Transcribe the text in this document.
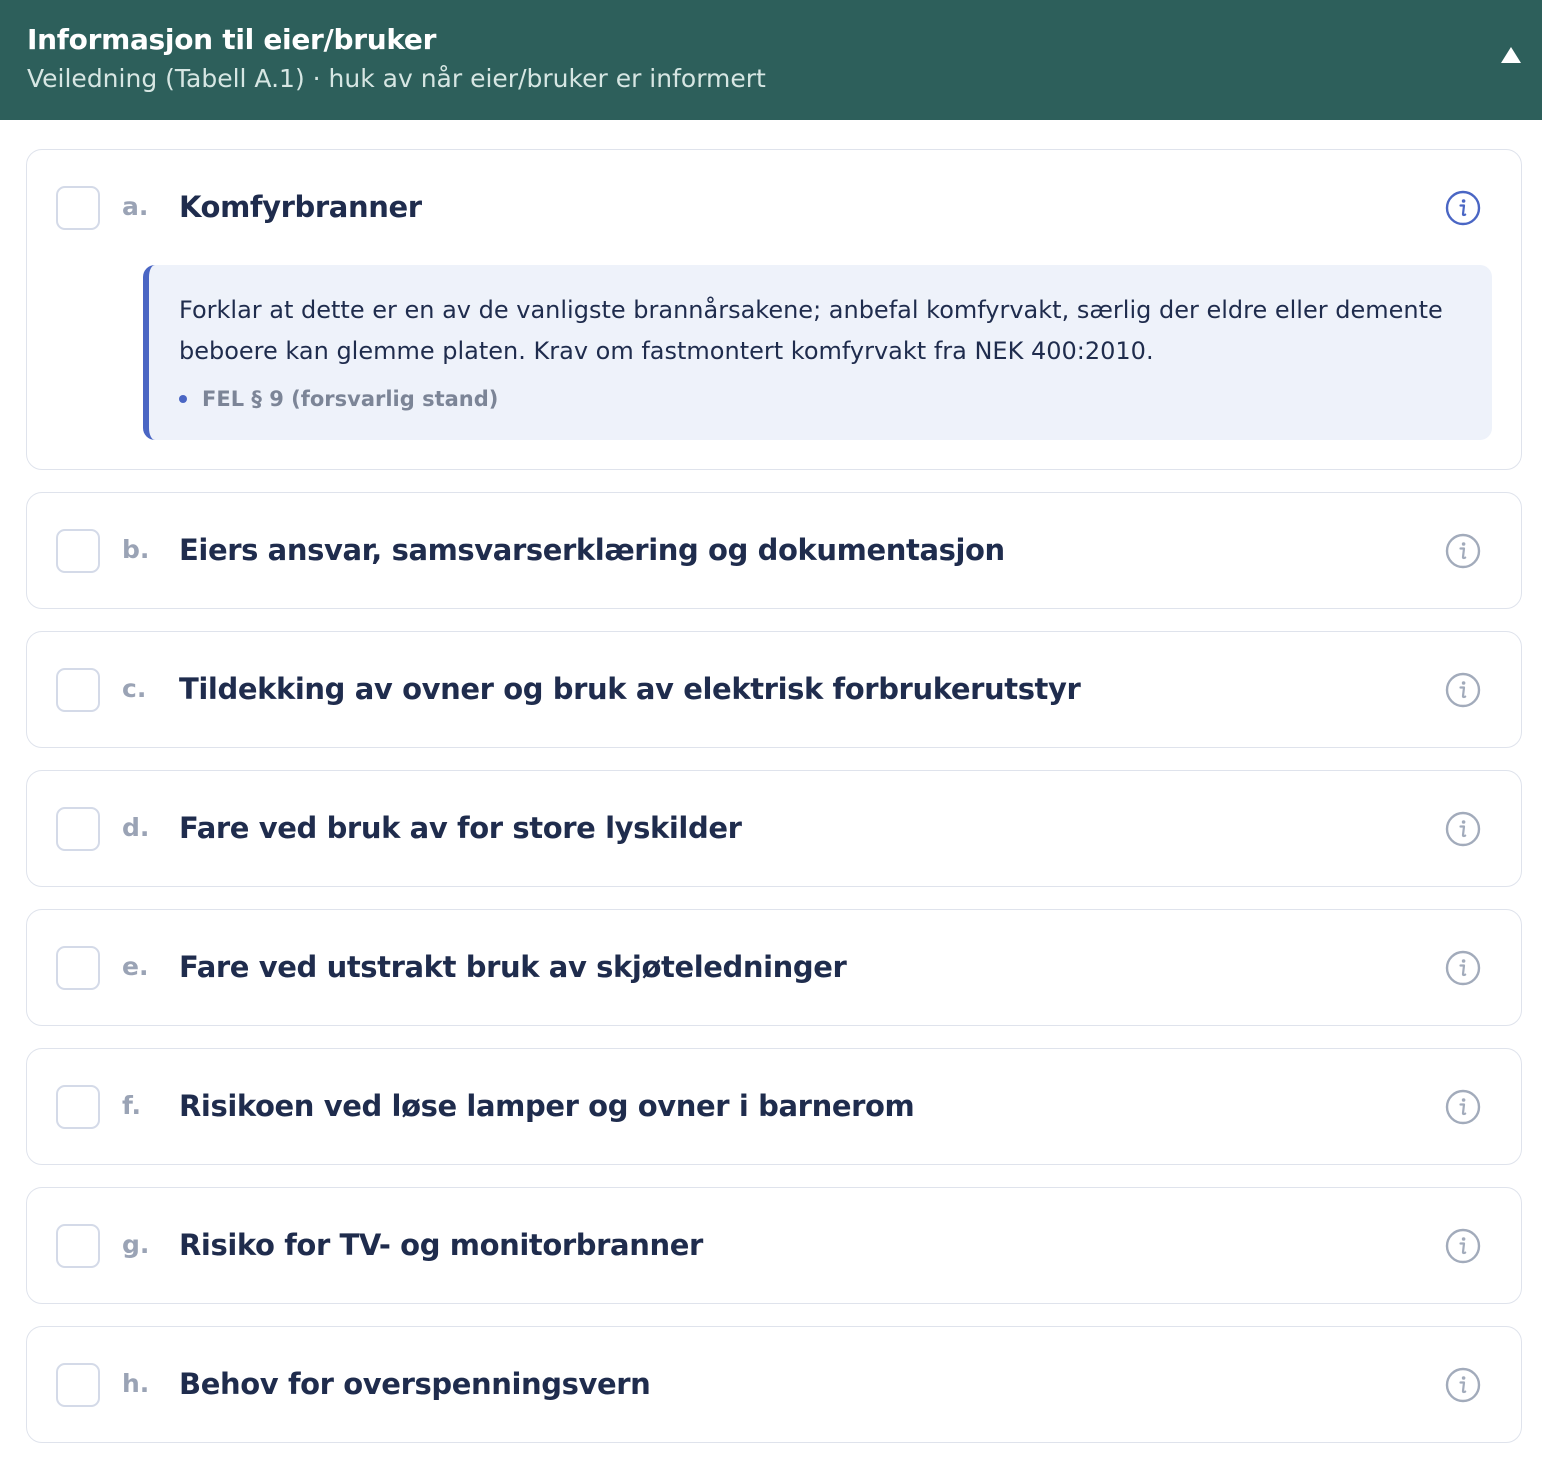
Informasjon til eier/bruker
Veiledning (Tabell A.1) · huk av når eier/bruker er informert
a. Komfyrbranner
Forklar at dette er en av de vanligste brannårsakene; anbefal komfyrvakt, særlig der eldre eller demente beboere kan glemme platen. Krav om fastmontert komfyrvakt fra NEK 400:2010.
FEL § 9 (forsvarlig stand)
b. Eiers ansvar, samsvarserklæring og dokumentasjon
c. Tildekking av ovner og bruk av elektrisk forbrukerutstyr
d. Fare ved bruk av for store lyskilder
e. Fare ved utstrakt bruk av skjøteledninger
f. Risikoen ved løse lamper og ovner i barnerom
g. Risiko for TV- og monitorbranner
h. Behov for overspenningsvern
